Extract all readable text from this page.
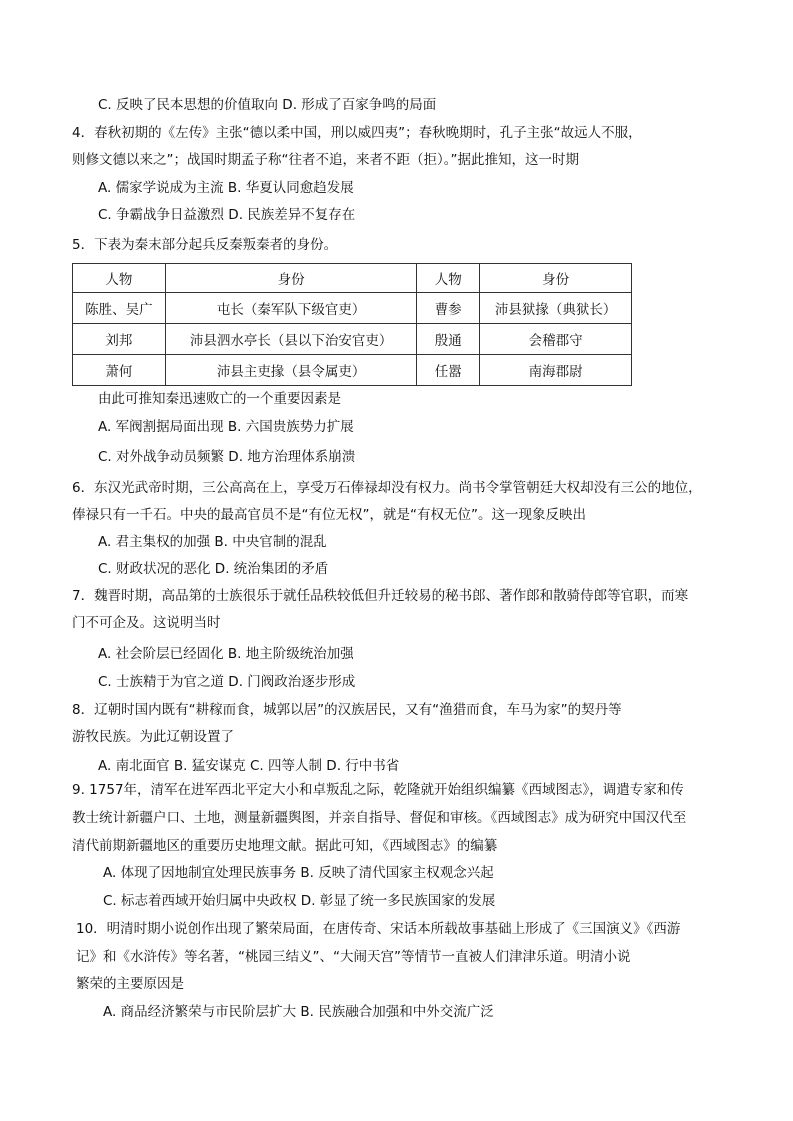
C. 反映了民本思想的价值取向 D. 形成了百家争鸣的局面
4．春秋初期的《左传》主张“德以柔中国，刑以威四夷”；春秋晚期时，孔子主张“故远人不服，
则修文德以来之”；战国时期孟子称“往者不追，来者不距（拒）。”据此推知，这一时期
A. 儒家学说成为主流 B. 华夏认同愈趋发展
C. 争霸战争日益激烈 D. 民族差异不复存在
5．下表为秦末部分起兵反秦叛秦者的身份。
人物	身份	人物	身份
陈胜、吴广	屯长（秦军队下级官吏）	曹参	沛县狱掾（典狱长）
刘邦	沛县泗水亭长（县以下治安官吏）	殷通	会稽郡守
萧何	沛县主吏掾（县令属吏）	任嚣	南海郡尉
由此可推知秦迅速败亡的一个重要因素是
A. 军阀割据局面出现 B. 六国贵族势力扩展
C. 对外战争动员频繁 D. 地方治理体系崩溃
6．东汉光武帝时期，三公高高在上，享受万石俸禄却没有权力。尚书令掌管朝廷大权却没有三公的地位，
俸禄只有一千石。中央的最高官员不是“有位无权”，就是“有权无位”。这一现象反映出
A. 君主集权的加强 B. 中央官制的混乱
C. 财政状况的恶化 D. 统治集团的矛盾
7．魏晋时期，高品第的士族很乐于就任品秩较低但升迁较易的秘书郎、著作郎和散骑侍郎等官职，而寒
门不可企及。这说明当时
A. 社会阶层已经固化 B. 地主阶级统治加强
C. 士族精于为官之道 D. 门阀政治逐步形成
8．辽朝时国内既有“耕稼而食，城郭以居”的汉族居民，又有“渔猎而食，车马为家”的契丹等
游牧民族。为此辽朝设置了
A. 南北面官 B. 猛安谋克 C. 四等人制 D. 行中书省
9. 1757年，清军在进军西北平定大小和卓叛乱之际，乾隆就开始组织编纂《西域图志》，调遣专家和传
教士统计新疆户口、土地，测量新疆舆图，并亲自指导、督促和审核。《西域图志》成为研究中国汉代至
清代前期新疆地区的重要历史地理文献。据此可知，《西域图志》的编纂
A. 体现了因地制宜处理民族事务 B. 反映了清代国家主权观念兴起
C. 标志着西域开始归属中央政权 D. 彰显了统一多民族国家的发展
10．明清时期小说创作出现了繁荣局面，在唐传奇、宋话本所载故事基础上形成了《三国演义》《西游
记》和《水浒传》等名著，“桃园三结义”、“大闹天宫”等情节一直被人们津津乐道。明清小说
繁荣的主要原因是
A. 商品经济繁荣与市民阶层扩大 B. 民族融合加强和中外交流广泛
